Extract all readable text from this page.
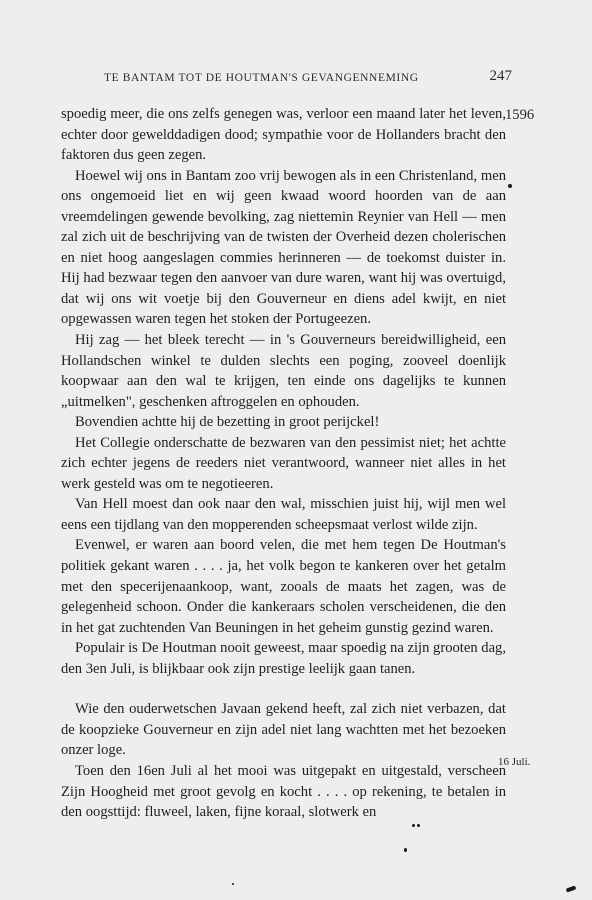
TE BANTAM TOT DE HOUTMAN'S GEVANGENNEMING	247
1596
16 Juli.

spoedig meer, die ons zelfs genegen was, verloor een maand later het leven, echter door gewelddadigen dood; sympathie voor de Hollanders bracht den faktoren dus geen zegen.

Hoewel wij ons in Bantam zoo vrij bewogen als in een Christenland, men ons ongemoeid liet en wij geen kwaad woord hoorden van de aan vreemdelingen gewende bevolking, zag niettemin Reynier van Hell — men zal zich uit de beschrijving van de twisten der Overheid dezen cholerischen en niet hoog aangeslagen commies herinneren — de toekomst duister in. Hij had bezwaar tegen den aanvoer van dure waren, want hij was overtuigd, dat wij ons wit voetje bij den Gouverneur en diens adel kwijt, en niet opgewassen waren tegen het stoken der Portugeezen.

Hij zag — het bleek terecht — in 's Gouverneurs bereidwilligheid, een Hollandschen winkel te dulden slechts een poging, zooveel doenlijk koopwaar aan den wal te krijgen, ten einde ons dagelijks te kunnen „uitmelken", geschenken aftroggelen en ophouden.

Bovendien achtte hij de bezetting in groot perijckel!

Het Collegie onderschatte de bezwaren van den pessimist niet; het achtte zich echter jegens de reeders niet verantwoord, wanneer niet alles in het werk gesteld was om te negotieeren.

Van Hell moest dan ook naar den wal, misschien juist hij, wijl men wel eens een tijdlang van den mopperenden scheepsmaat verlost wilde zijn.

Evenwel, er waren aan boord velen, die met hem tegen De Houtman's politiek gekant waren . . . . ja, het volk begon te kankeren over het getalm met den specerijenaankoop, want, zooals de maats het zagen, was de gelegenheid schoon. Onder die kankeraars scholen verscheidenen, die den in het gat zuchtenden Van Beuningen in het geheim gunstig gezind waren.

Populair is De Houtman nooit geweest, maar spoedig na zijn grooten dag, den 3en Juli, is blijkbaar ook zijn prestige leelijk gaan tanen.

Wie den ouderwetschen Javaan gekend heeft, zal zich niet verbazen, dat de koopzieke Gouverneur en zijn adel niet lang wachtten met het bezoeken onzer loge.

Toen den 16en Juli al het mooi was uitgepakt en uitgestald, verscheen Zijn Hoogheid met groot gevolg en kocht . . . . op rekening, te betalen in den oogsttijd: fluweel, laken, fijne koraal, slotwerk en
